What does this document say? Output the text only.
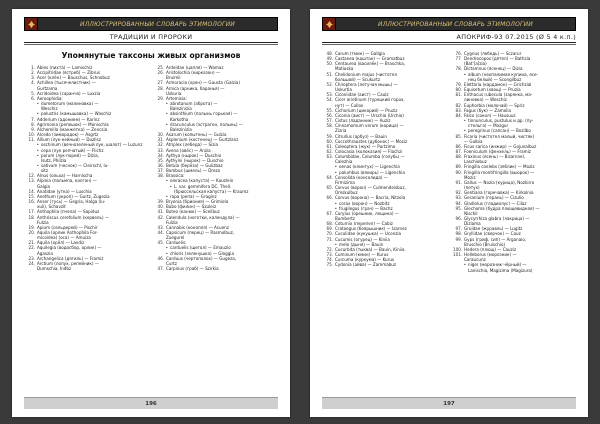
ИЛЛЮСТРИРОВАННЫЙ СЛОВАРЬ ЭТИМОЛОГИИ
ТРАДИЦИИ И ПРОРОКИ
Упомянутые таксоны живых организмов
1. Abies (пихта) — Lamischiz
2. Accipitridae (ястреб) — Zibrus
3. Acer (клён) — Bauschus, Schnobuz
4. Achillea (тысячелистник) —
Gurtzama
5. Acridoidea (саранча) — Luxzia
6. Aeroophidia:
• dumetorum (малиновка) —
Weschiz
• palustris (камышовка) — Waschiz
7. Adderium (адонием) — Karinz
8. Agrimonia (репешок) — Monischia
9. Alchemilla (манжетка) — Zencsia
10. Alcedo (зимородок) — Asgrtz
11. Allium (лук-нейный) — Duzllsz
• oschinum (вечнозеленый лук, шалот) — Luzunz
• cepa (лук репчатый) — Flichz
• porum (лук-порей) — Dizia,
Isutz, Philzia
• sativum (чеснок) — Cleirschl, lu-
sitz
12. Alnus (ольха) — Harnischa
13. Alpinia (пальмпа, калган) —
Galgia
14. Anatidae (утка) — Luschia
15. Anethum (укроп) — Gurtz, Zugezia
16. Anser (гусь) — Gegria, Halga (lu-
xuli), Schavzit
17. Anthophila (пчела) — Sapiduz
18. Anthriscus cerefolium (кервель) —
Fulzia
19. Apium (сельдерей) — Pischir
20. Aquila (орлик Anthophila For-
micoidea) (оса) — Amuiza
21. Aquila (орёл) — Lavdiz
22. Aquilegia (водосбор, орлик) —
Agaszia
23. Archangelica (дягиль) — Framiz
24. Arctium (лопух, репейник) —
Dumschia, Indbz
25. Ardeidae (цапля) — Wamaz
26. Aristolochia (кирказон) —
Bruimil
27. Armoracia (хрен) — Gausta (Galzia)
28. Arnica (арника, баранья) —
Uskuria
29. Artemisia:
• abrotanum (аброта) —
Balezinizia
• absinthium (полынь горькая) —
Karkotha
• dracunculus (эстрагон, полынь) —
Balezinizia
30. Asarum (копытень) — Gulzia
31. Asplenium (костенец) — Gurtzlanz
32. Atriplex (лебеда) — Sizia
33. Avena (овёс) — Anzia
34. Aythya (нырок) — Duschio
35. Aythyini (нырок) — Duschio
36. Betula (берёза) — Gulizbaz
37. Bombus (шмель) — Drezo
38. Brassica:
• oleracea (капуста) — Kauzlein
• L. var. gemmifera DC. Thell.
(брюссельская капуста) — Kraumz
• rapa (репа) — Graginz
39. Bryonia (бриония) — Grimiola
40. Bubo (филин) — Szuleiz
41. Buteo (канюк) — Sceilbuz
42. Calendula (ноготки, календула) —
Fulzia
43. Cannabis (конопля) — Acuenz
44. Capsicum (перец) — Rasmolbuz,
Zuegurel
45. Carduelis:
• carduelis (щегол) — Emauzio
• chloris (зеленушка) — Gloggia
46. Carduus (чертополох) — Gugeza,
Curtz
47. Carpinus (граб) — Szirkia
196
ИЛЛЮСТРИРОВАННЫЙ СЛОВАРЬ ЭТИМОЛОГИИ
АПОКРИФ-93 07.2015 (Ø 5 4 к.п.)
48. Carum (тмин) — Gallgia
49. Castanea (каштан) — Gramatbuz
50. Centaurea (василёк) — Braschka,
Matiuska
51. Chelidonium majus (чистотел
большой) — Scukurtz
52. Chiroptera (летучая мышь) —
Uskurtia
53. Ciconiidae (аист) — Caulz
54. Cicer arietinum (турецкий горох,
нут) — Cullox
55. Cichorium (цикорий) — Pruziz
56. Ciconia (аист) — Urschio (Urchio)
57. Cistus (ладанник) — Auziz
58. Cinnamomum verum (корица) —
Zizria
59. Citrullus (арбуз) — Bauin
60. Coccothraustes (дубонос) — Moziz
61. Coleoptera (жук) — Purtzimo
62. Colocasia (колоказия) — Flachzi
63. Columbidae, Columba (голубь) —
Calezhia
• oenas (клинтух) — Ligenchia
• palumbus (вяхирь) — Ligenchia
64. Consolida (консолида) —
Firmizima
65. Corvus (ворон) — Culmendeisbuz,
Omskulbuz
66. Corvus (ворона) — Bacria, Nitzola
• corax (ворон) — Nozbitz
• frugilegus (грач) — Bachz
67. Corylus (орешник, лещина) —
Bumbertz
68. Coturnix (перепел) — Cabiz
69. Crataegus (боярышник) — Izarnez
70. Cuculidae (кукушка) — Uconzia
71. Cucumis (огурец) — Kiniia
• melo (дыня) — Bauin
72. Cucurbita (тыква) — Bauin, Kiniia
73. Cuminum (кмин) — Kurus
74. Curcuma (куркума) — Kurus
75. Cydonia (айва) — Zammabuz
76. Cygnus (лебедь) — Sczarur
77. Dendrocopos (дятел) — Bathzia
(Bat'[a]zia)
78. Dictamnus (ясенец) — Dizia
• album (неопалимая купина, ясе-
нец белый) — Scongilbuz
79. Elettaria (кардамон) — Grichzial
80. Equisetum (хвощ) — Pruzia
81. Erithacus rubecula (зарянка, ма-
линовка) — Weschiz
82. Euphorbia (молочай) — Spriz
83. Fagus (бук) — Zamolia
84. Falco (сокол) — Hausuuz
• tinnunculus, pustulus и др. (пу-
стельга) — Mozgur
• peregrinus (сапсан) — Bozilbo
85. Ficaria (чистотел малый, чистяк)
— Gulbia
86. Ficus carica (инжир) — Gojunalbuz
87. Foeniculum (фенхель) — Framiz
88. Fraxinus (ясень) — Bizarnnel,
Laschiobuz
89. Fringilla coelebs (зяблик) — Moziz
90. Fringilla montifringilla (вьюрок) —
Moziz
91. Gallus — Nozia (курица), Nozkirro
(петух)
92. Gentiana (горечавка) — Kirkolnia
93. Geranium (герань) — Cizulio
94. Gladiolus (гладиолус) — Cilaz
95. Glechoma (будра плющевидная) —
Nischil
96. Glycyrrhiza glabra (лакрица) —
Dizlama
97. Gruidae (журавль) — Lugitz
98. Gryllidae (сверчок) — Cauz
99. Gyps (гриф, сип) — Arganaio,
Bruschio (Bruischio)
100. Hedera (плющ) — Cauziz
101. Helleborus (морозник) —
Caraucunz
• niger (морозник чёрный) —
Lanischia, Magizima (Magizura)
197
